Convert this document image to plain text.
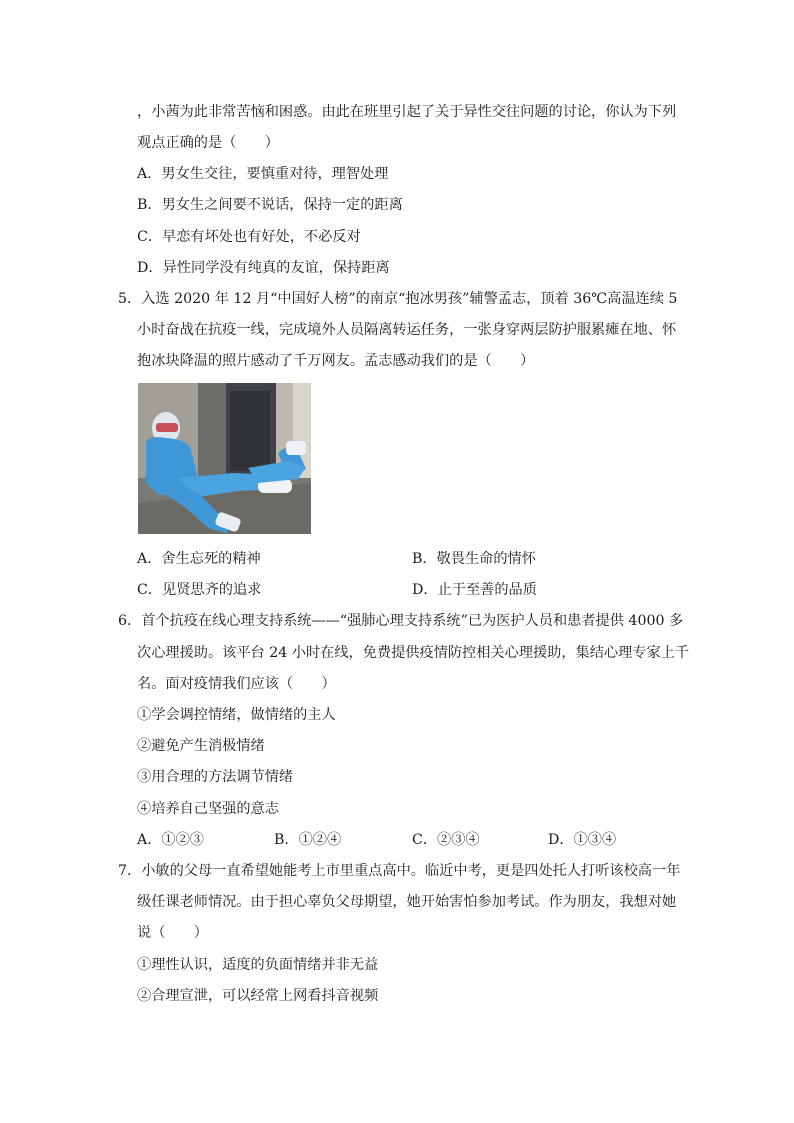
，小茜为此非常苦恼和困惑。由此在班里引起了关于异性交往问题的讨论，你认为下列
观点正确的是（　　）
A．男女生交往，要慎重对待，理智处理
B．男女生之间要不说话，保持一定的距离
C．早恋有坏处也有好处，不必反对
D．异性同学没有纯真的友谊，保持距离
5．入选 2020 年 12 月“中国好人榜”的南京“抱冰男孩”辅警孟志，顶着 36℃高温连续 5
小时奋战在抗疫一线，完成境外人员隔离转运任务，一张身穿两层防护服累瘫在地、怀
抱冰块降温的照片感动了千万网友。孟志感动我们的是（　　）
A．舍生忘死的精神	B．敬畏生命的情怀
C．见贤思齐的追求	D．止于至善的品质
6．首个抗疫在线心理支持系统——“强肺心理支持系统”已为医护人员和患者提供 4000 多
次心理援助。该平台 24 小时在线，免费提供疫情防控相关心理援助，集结心理专家上千
名。面对疫情我们应该（　　）
①学会调控情绪，做情绪的主人
②避免产生消极情绪
③用合理的方法调节情绪
④培养自己坚强的意志
A．①②③	B．①②④	C．②③④	D．①③④
7．小敏的父母一直希望她能考上市里重点高中。临近中考，更是四处托人打听该校高一年
级任课老师情况。由于担心辜负父母期望，她开始害怕参加考试。作为朋友，我想对她
说（　　）
①理性认识，适度的负面情绪并非无益
②合理宣泄，可以经常上网看抖音视频
